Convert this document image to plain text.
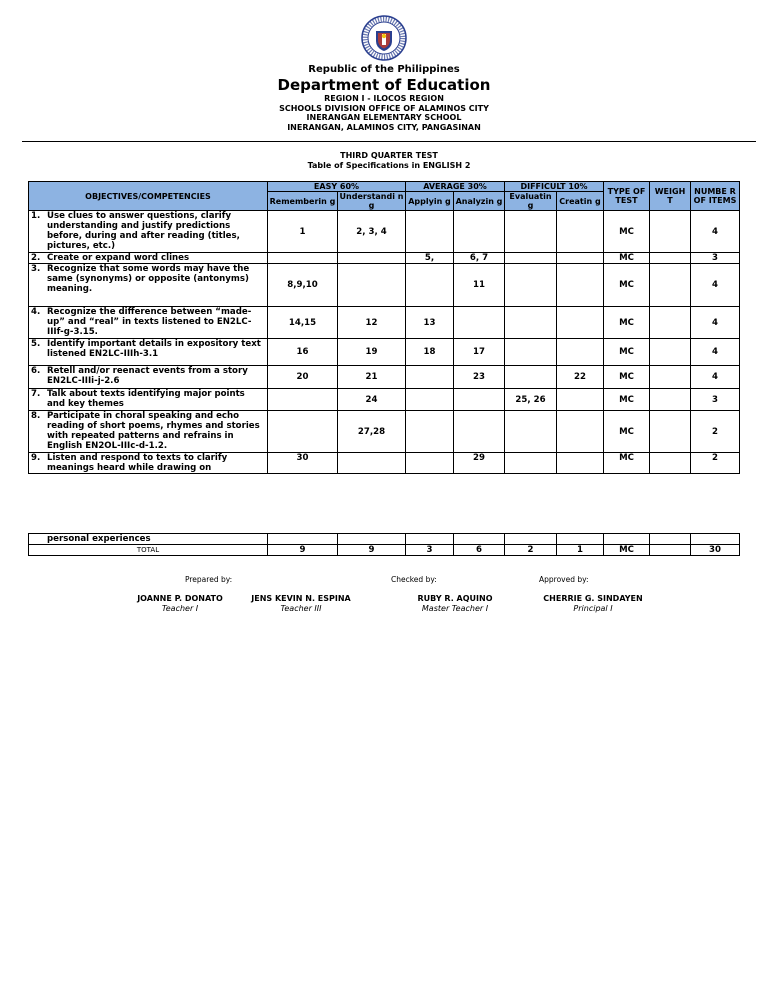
Republic of the Philippines
Department of Education
REGION I - ILOCOS REGION
SCHOOLS DIVISION OFFICE OF ALAMINOS CITY
INERANGAN ELEMENTARY SCHOOL
INERANGAN, ALAMINOS CITY, PANGASINAN
THIRD QUARTER TEST
Table of Specifications in ENGLISH 2
OBJECTIVES/COMPETENCIES	EASY 60%		AVERAGE 30%		DIFFICULT 10%		TYPE OF TEST	WEIGH T	NUMBE R OF ITEMS
	Rememberin g	Understandi ng	Applyin g	Analyzin g	Evaluatin g	Creatin g			
1. Use clues to answer questions, clarify understanding and justify predictions before, during and after reading (titles, pictures, etc.)	1	2, 3, 4					MC		4
2. Create or expand word clines			5,	6, 7			MC		3
3. Recognize that some words may have the same (synonyms) or opposite (antonyms) meaning.	8,9,10			11			MC		4
4. Recognize the difference between “made-up” and “real” in texts listened to EN2LC-IIIf-g-3.15.	14,15	12	13				MC		4
5. Identify important details in expository text listened EN2LC-IIIh-3.1	16	19	18	17			MC		4
6. Retell and/or reenact events from a story EN2LC-IIIi-j-2.6	20	21		23		22	MC		4
7. Talk about texts identifying major points and key themes		24			25, 26		MC		3
8. Participate in choral speaking and echo reading of short poems, rhymes and stories with repeated patterns and refrains in English EN2OL-IIIc-d-1.2.		27,28					MC		2
9. Listen and respond to texts to clarify meanings heard while drawing on	30			29			MC		2
personal experiences									
TOTAL	9	9	3	6	2	1	MC		30
Prepared by:	Checked by:	Approved by:
JOANNE P. DONATO
Teacher I
JENS KEVIN N. ESPINA
Teacher III
RUBY R. AQUINO
Master Teacher I
CHERRIE G. SINDAYEN
Principal I
